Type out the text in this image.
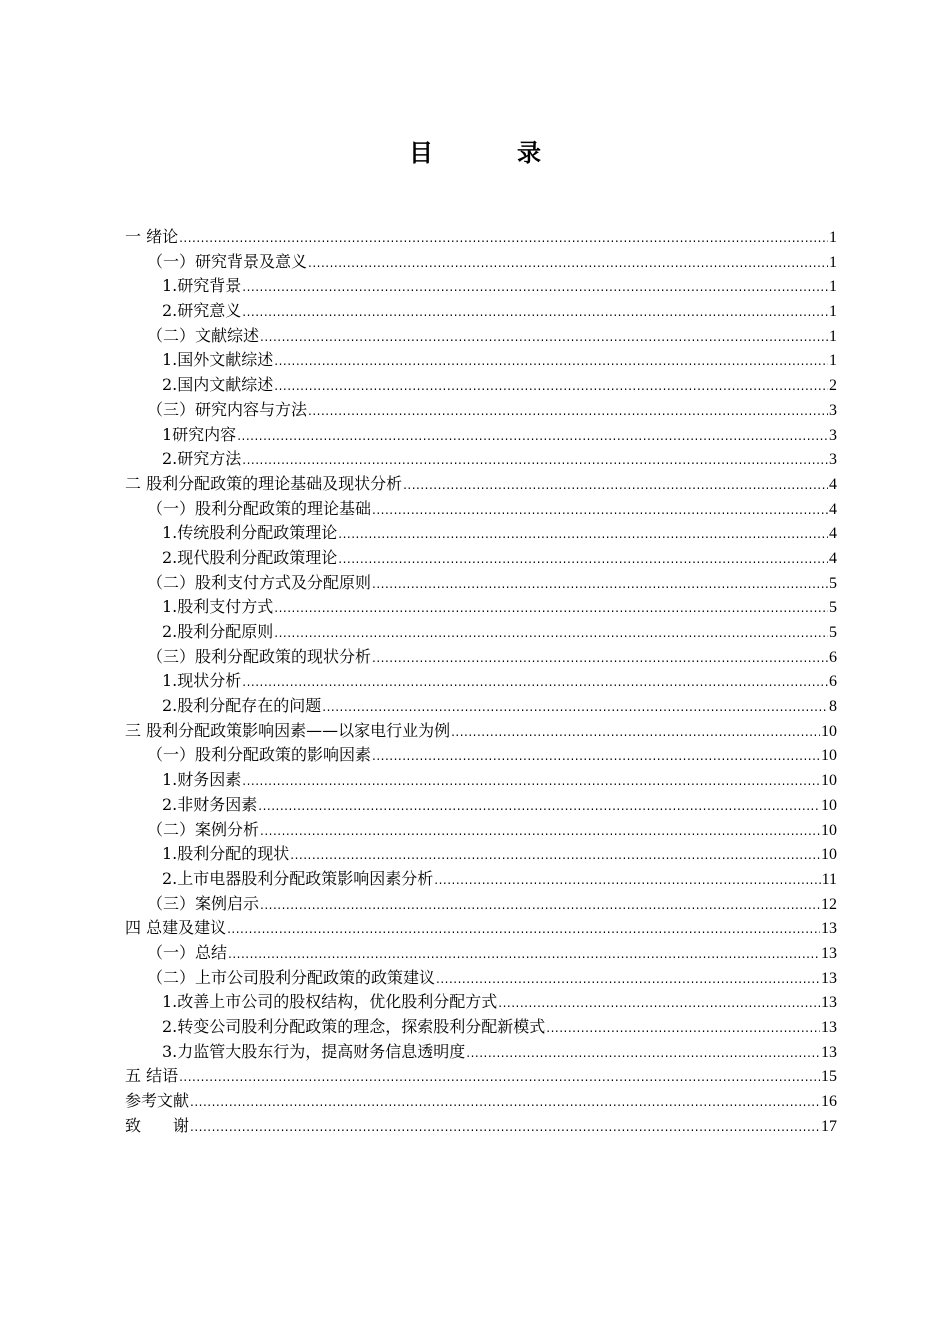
目　录
一 绪论 .....	1
（一）研究背景及意义 .....	1
1.研究背景 .....	1
2.研究意义 .....	1
（二）文献综述 .....	1
1.国外文献综述 .....	1
2.国内文献综述 .....	2
（三）研究内容与方法 .....	3
1研究内容 .....	3
2.研究方法 .....	3
二 股利分配政策的理论基础及现状分析 .....	4
（一）股利分配政策的理论基础 .....	4
1.传统股利分配政策理论 .....	4
2.现代股利分配政策理论 .....	4
（二）股利支付方式及分配原则 .....	5
1.股利支付方式 .....	5
2.股利分配原则 .....	5
（三）股利分配政策的现状分析 .....	6
1.现状分析 .....	6
2.股利分配存在的问题 .....	8
三 股利分配政策影响因素——以家电行业为例 .....	10
（一）股利分配政策的影响因素 .....	10
1.财务因素 .....	10
2.非财务因素 .....	10
（二）案例分析 .....	10
1.股利分配的现状 .....	10
2.上市电器股利分配政策影响因素分析 .....	11
（三）案例启示 .....	12
四 总建及建议 .....	13
（一）总结 .....	13
（二）上市公司股利分配政策的政策建议 .....	13
1.改善上市公司的股权结构，优化股利分配方式 .....	13
2.转变公司股利分配政策的理念，探索股利分配新模式 .....	13
3.力监管大股东行为，提高财务信息透明度 .....	13
五 结语 .....	15
参考文献 .....	16
致　　谢 .....	17
